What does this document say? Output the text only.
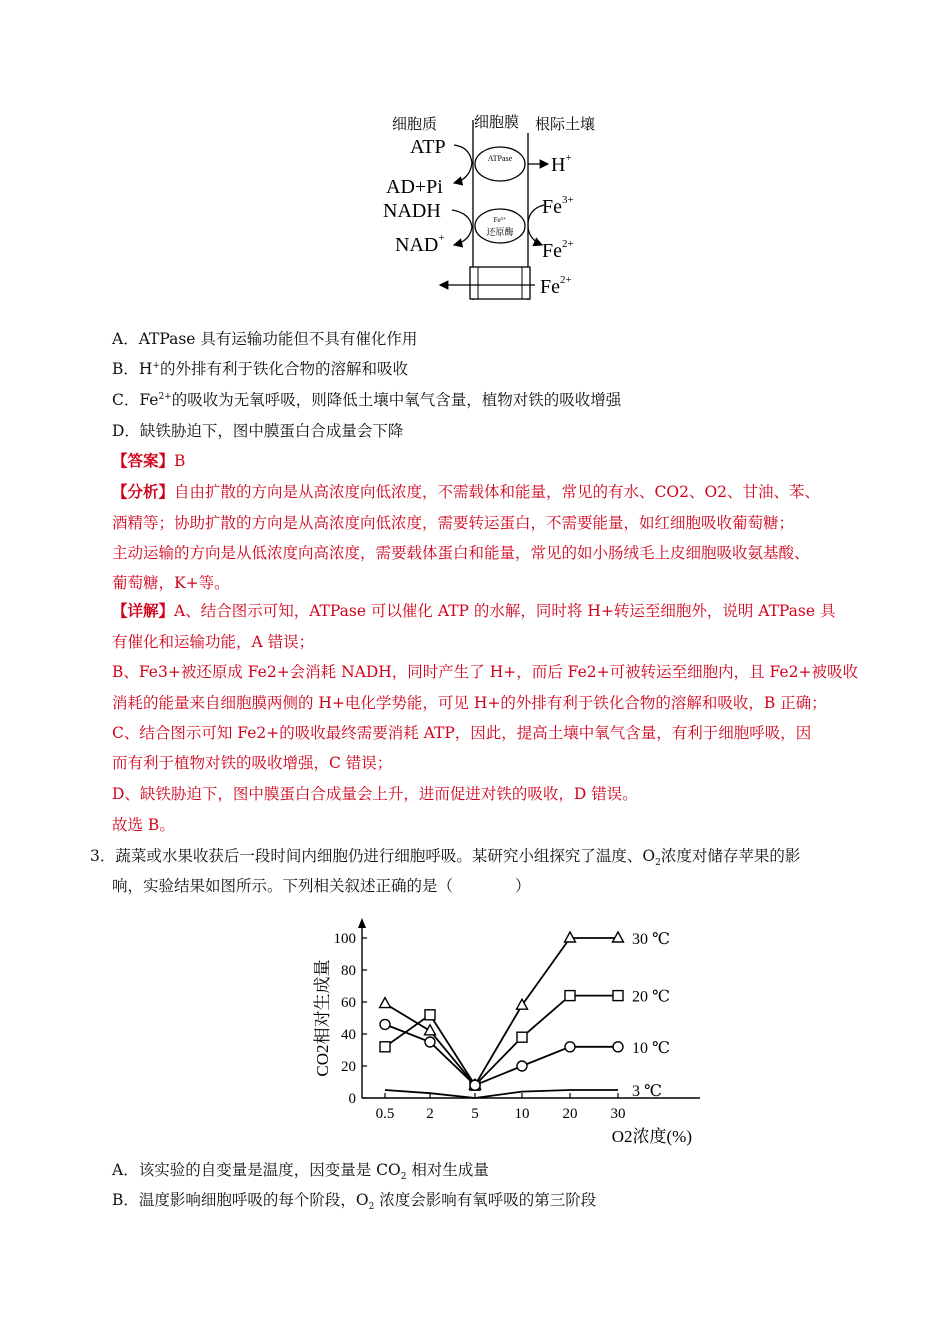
细胞质 细胞膜 根际土壤
ATPase
ATP
AD+Pi
H+
Fe³⁺
还原酶
NADH
NAD+
$Fe^{3+}$
$Fe^{2+}$
$Fe^{2+}$
A．ATPase 具有运输功能但不具有催化作用
B．H+的外排有利于铁化合物的溶解和吸收
C．$Fe^{2+}$的吸收为无氧呼吸，则降低土壤中氧气含量，植物对铁的吸收增强
D．缺铁胁迫下，图中膜蛋白合成量会下降
【答案】B
【分析】自由扩散的方向是从高浓度向低浓度，不需载体和能量，常见的有水、CO2、O2、甘油、苯、
酒精等；协助扩散的方向是从高浓度向低浓度，需要转运蛋白，不需要能量，如红细胞吸收葡萄糖；
主动运输的方向是从低浓度向高浓度，需要载体蛋白和能量，常见的如小肠绒毛上皮细胞吸收氨基酸、
葡萄糖，K+等。
【详解】A、结合图示可知，ATPase 可以催化 ATP 的水解，同时将 H+转运至细胞外，说明 ATPase 具
有催化和运输功能，A 错误；
B、Fe3+被还原成 Fe2+会消耗 NADH，同时产生了 H+，而后 Fe2+可被转运至细胞内，且 Fe2+被吸收
消耗的能量来自细胞膜两侧的 H+电化学势能，可见 H+的外排有利于铁化合物的溶解和吸收，B 正确；
C、结合图示可知 Fe2+的吸收最终需要消耗 ATP，因此，提高土壤中氧气含量，有利于细胞呼吸，因
而有利于植物对铁的吸收增强，C 错误；
D、缺铁胁迫下，图中膜蛋白合成量会上升，进而促进对铁的吸收，D 错误。
故选 B。
3．蔬菜或水果收获后一段时间内细胞仍进行细胞呼吸。某研究小组探究了温度、$O_2$浓度对储存苹果的影
响，实验结果如图所示。下列相关叙述正确的是（　　　　）
0
20
40
60
80
100
0.5 2	5 10 20 30
CO2相对生成量
O2浓度(%)
30 ℃
20 ℃
10 ℃
3 ℃
A．该实验的自变量是温度，因变量是 $CO_2$ 相对生成量
B．温度影响细胞呼吸的每个阶段，$O_2$ 浓度会影响有氧呼吸的第三阶段
